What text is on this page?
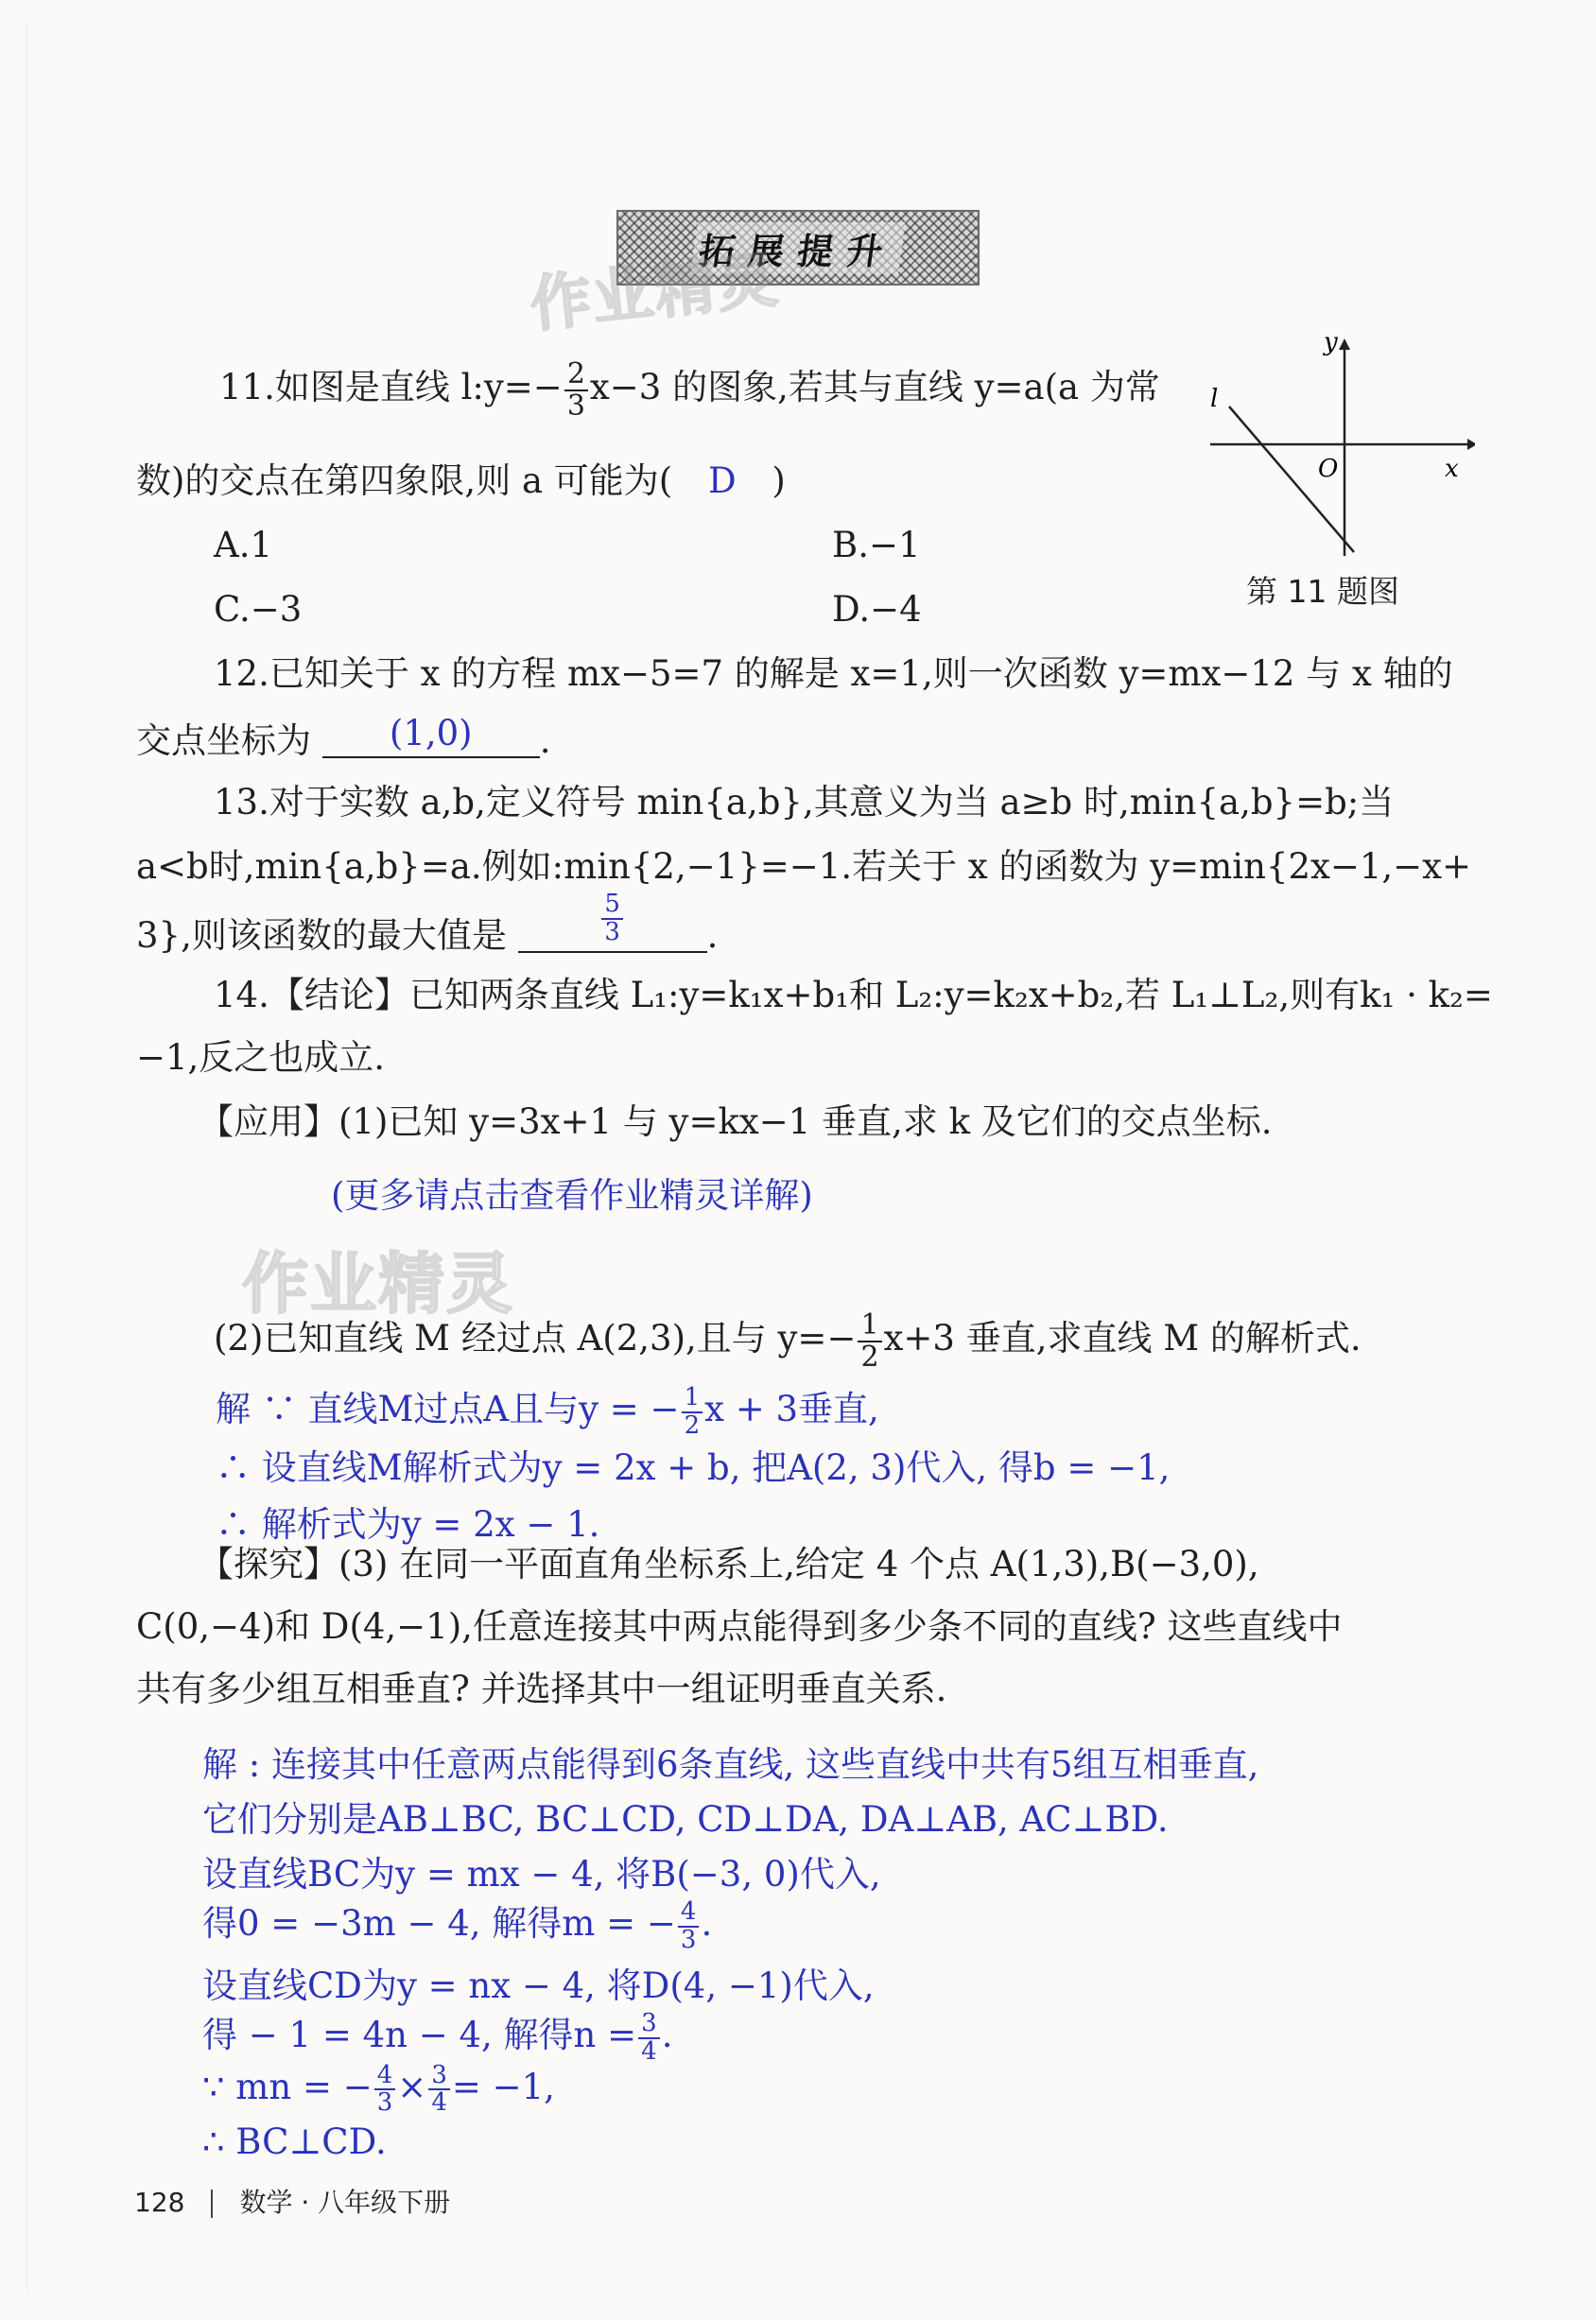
拓展提升
作业精灵
作业精灵
11.如图是直线 l:y=− $\frac{2}{3} x-3$ 的图象,若其与直线 y=a(a 为常
数)的交点在第四象限,则 a 可能为( D )
A.1	B.−1
C.−3	D.−4
y
x
O
l
第 11 题图
12.已知关于 x 的方程 mx−5=7 的解是 x=1,则一次函数 y=mx−12 与 x 轴的
交点坐标为	(1,0)	.
13.对于实数 a,b,定义符号 min{a,b},其意义为当 a≥b 时,min{a,b}=b;当
a<b时,min{a,b}=a.例如:min{2,−1}=−1.若关于 x 的函数为 y=min{2x−1,−x+
3},则该函数的最大值是	$\frac{5}{3}$ .
14.【结论】已知两条直线 L₁:y=k₁x+b₁和 L₂:y=k₂x+b₂,若 L₁⊥L₂,则有k₁ · k₂=
−1,反之也成立.
【应用】(1)已知 y=3x+1 与 y=kx−1 垂直,求 k 及它们的交点坐标.
(更多请点击查看作业精灵详解)
(2)已知直线 M 经过点 A(2,3),且与 $y=- \frac{1}{2} x+3$ 垂直,求直线 M 的解析式.
解 ∵ 直线M过点A且与y = − $\frac{1}{2}$ x + 3垂直,
∴ 设直线M解析式为y = 2x + b, 把A(2, 3)代入, 得b = −1,
∴ 解析式为y = 2x − 1.
【探究】(3) 在同一平面直角坐标系上,给定 4 个点 A(1,3),B(−3,0),
C(0,−4)和 D(4,−1),任意连接其中两点能得到多少条不同的直线? 这些直线中
共有多少组互相垂直? 并选择其中一组证明垂直关系.
解 : 连接其中任意两点能得到6条直线, 这些直线中共有5组互相垂直,
它们分别是AB⊥BC, BC⊥CD, CD⊥DA, DA⊥AB, AC⊥BD.
设直线BC为y = mx − 4, 将B(−3, 0)代入,
得0 = −3m − 4, 解得m = − $\frac{4}{3}$ .
设直线CD为y = nx − 4, 将D(4, −1)代入,
得 − 1 = 4n − 4, 解得$n = \frac{3}{4}$ .
∵ mn = − $\frac{4}{3} \times \frac{3}{4} = -1$,
∴ BC⊥CD.
128 数学 · 八年级下册
